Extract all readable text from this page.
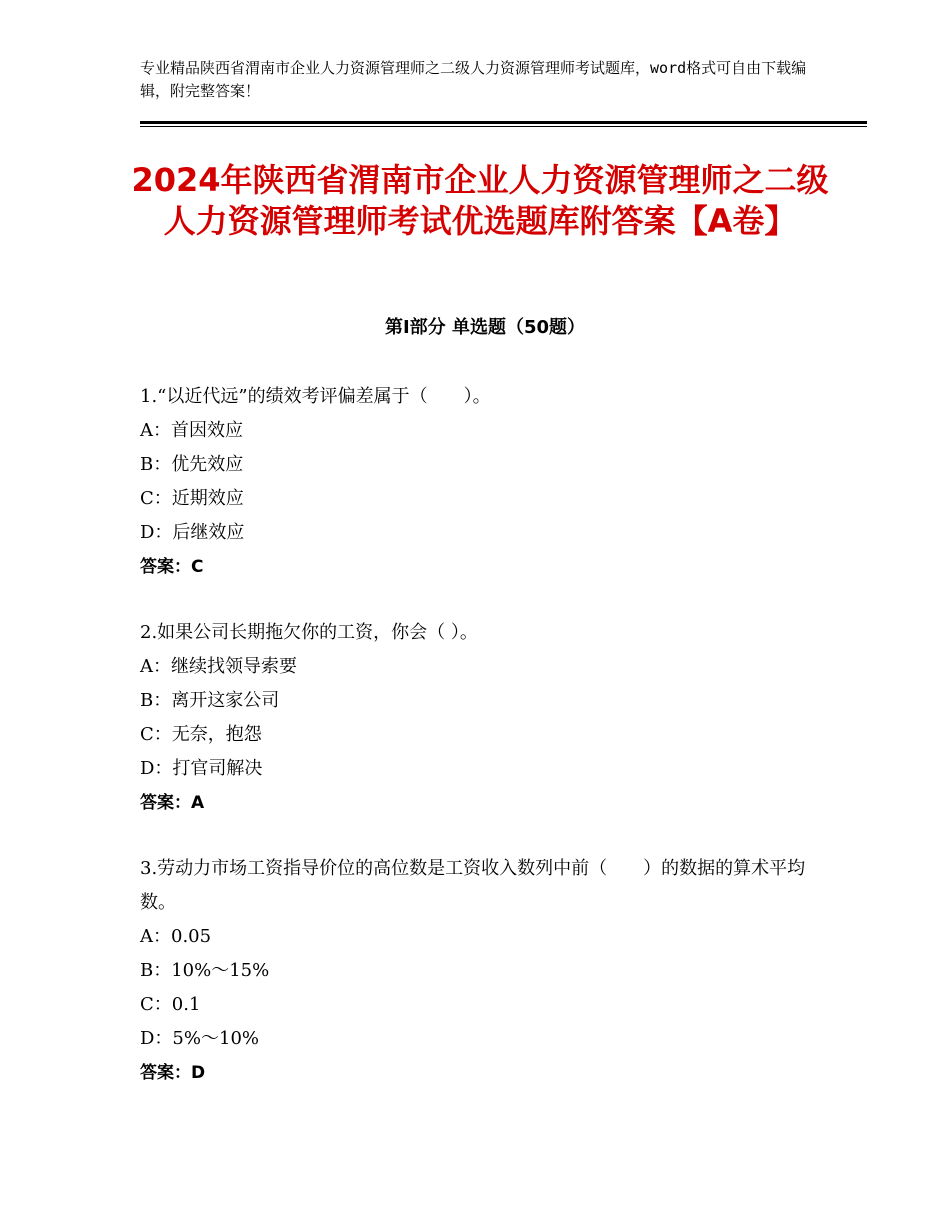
专业精品陕西省渭南市企业人力资源管理师之二级人力资源管理师考试题库，word格式可自由下载编辑，附完整答案！
2024年陕西省渭南市企业人力资源管理师之二级人力资源管理师考试优选题库附答案【A卷】
第Ⅰ部分 单选题（50题）

1.“以近代远”的绩效考评偏差属于（　　）。

A：首因效应

B：优先效应

C：近期效应

D：后继效应

答案：C

2.如果公司长期拖欠你的工资，你会（ ）。

A：继续找领导索要

B：离开这家公司

C：无奈，抱怨

D：打官司解决

答案：A

3.劳动力市场工资指导价位的高位数是工资收入数列中前（　　）的数据的算术平均数。

A：0.05

B：10%～15%

C：0.1

D：5%～10%

答案：D
